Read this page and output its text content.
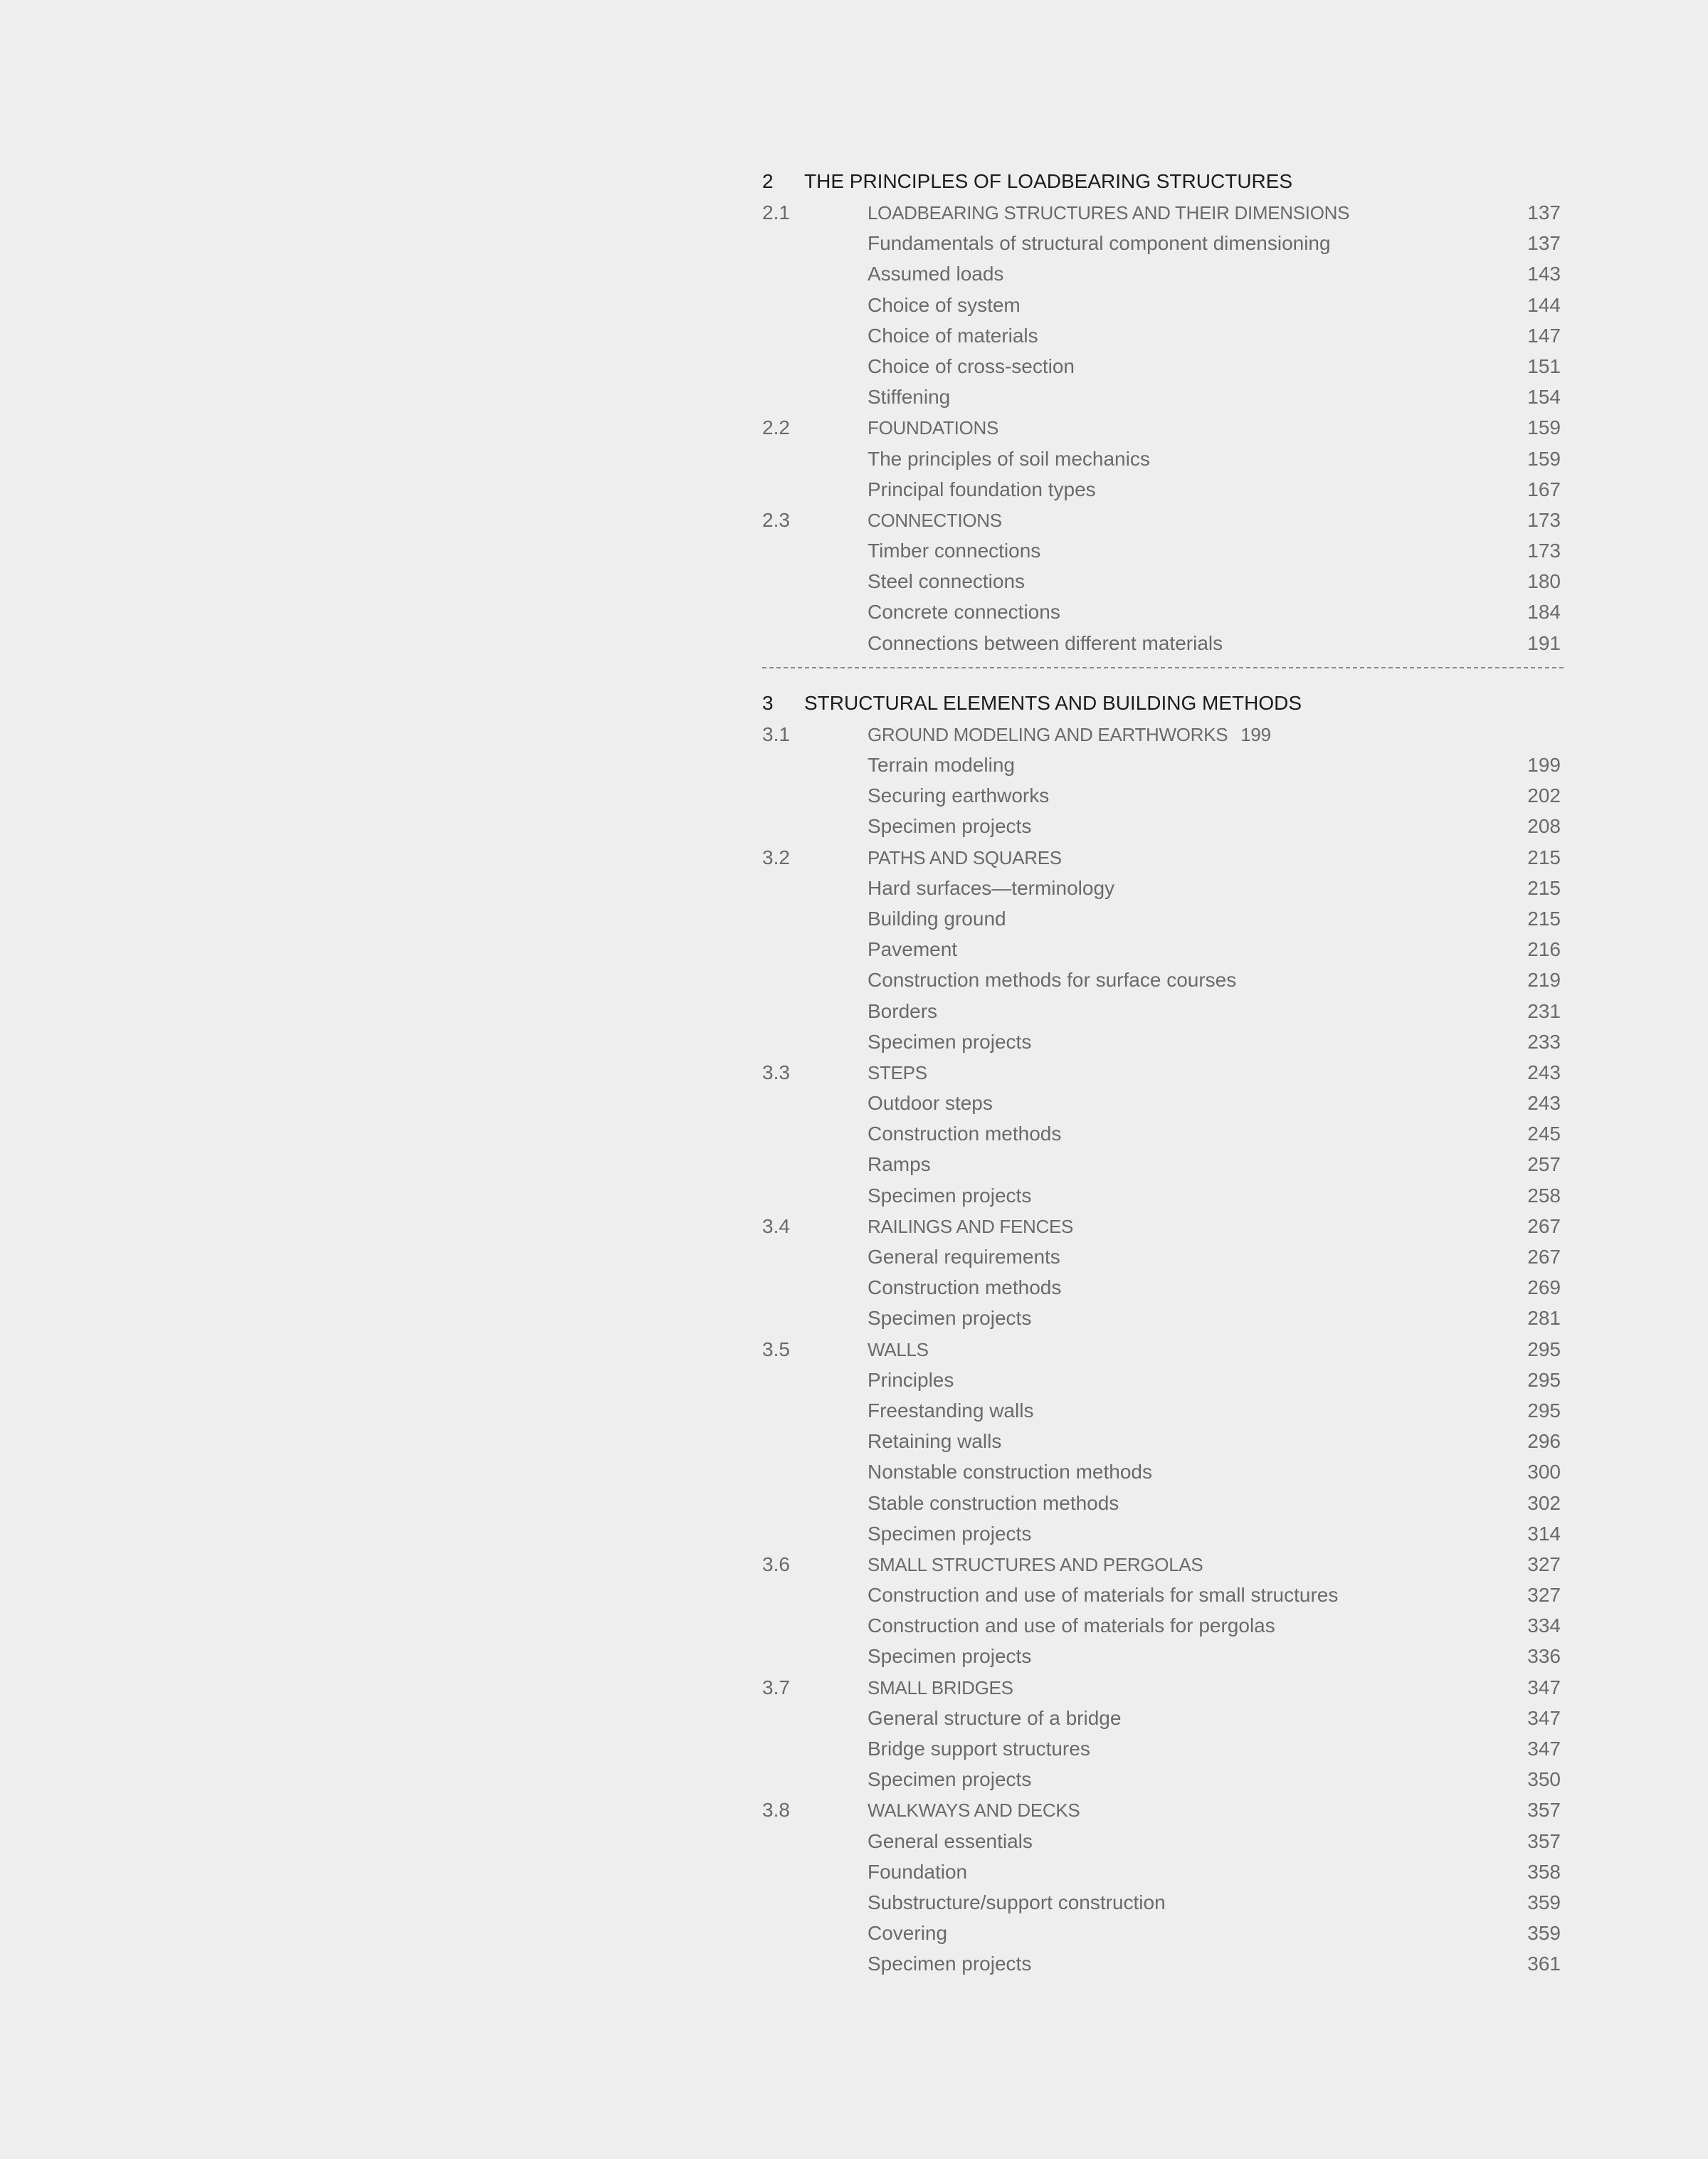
2	THE PRINCIPLES OF LOADBEARING STRUCTURES
2.1	LOADBEARING STRUCTURES AND THEIR DIMENSIONS	137
Fundamentals of structural component dimensioning	137
Assumed loads	143
Choice of system	144
Choice of materials	147
Choice of cross-section	151
Stiffening	154
2.2	FOUNDATIONS	159
The principles of soil mechanics	159
Principal foundation types	167
2.3	CONNECTIONS	173
Timber connections	173
Steel connections	180
Concrete connections	184
Connections between different materials	191
3	STRUCTURAL ELEMENTS AND BUILDING METHODS
3.1	GROUND MODELING AND EARTHWORKS 199
Terrain modeling	199
Securing earthworks	202
Specimen projects	208
3.2	PATHS AND SQUARES	215
Hard surfaces—terminology	215
Building ground	215
Pavement	216
Construction methods for surface courses	219
Borders	231
Specimen projects	233
3.3	STEPS	243
Outdoor steps	243
Construction methods	245
Ramps	257
Specimen projects	258
3.4	RAILINGS AND FENCES	267
General requirements	267
Construction methods	269
Specimen projects	281
3.5	WALLS	295
Principles	295
Freestanding walls	295
Retaining walls	296
Nonstable construction methods	300
Stable construction methods	302
Specimen projects	314
3.6	SMALL STRUCTURES AND PERGOLAS	327
Construction and use of materials for small structures	327
Construction and use of materials for pergolas	334
Specimen projects	336
3.7	SMALL BRIDGES	347
General structure of a bridge	347
Bridge support structures	347
Specimen projects	350
3.8	WALKWAYS AND DECKS	357
General essentials	357
Foundation	358
Substructure/support construction	359
Covering	359
Specimen projects	361
